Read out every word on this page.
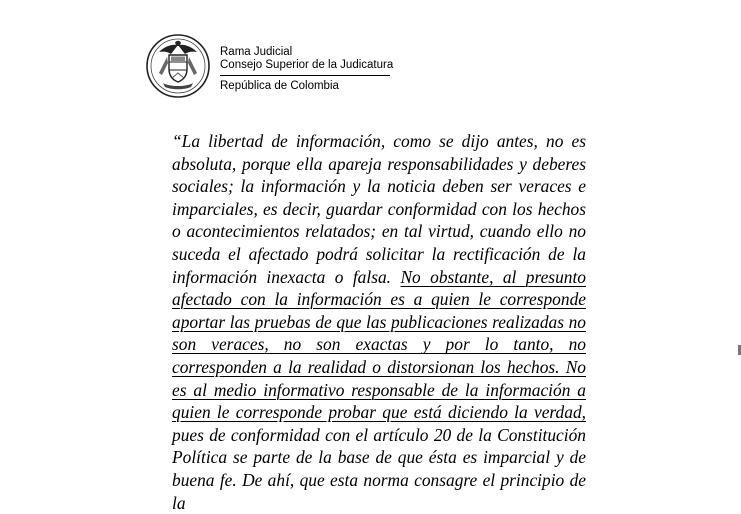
Rama Judicial
Consejo Superior de la Judicatura
República de Colombia

“La libertad de información, como se dijo antes, no es absoluta, porque ella apareja responsabilidades y deberes sociales; la información y la noticia deben ser veraces e imparciales, es decir, guardar conformidad con los hechos o acontecimientos relatados; en tal virtud, cuando ello no suceda el afectado podrá solicitar la rectificación de la información inexacta o falsa. No obstante, al presunto afectado con la información es a quien le corresponde aportar las pruebas de que las publicaciones realizadas no son veraces, no son exactas y por lo tanto, no corresponden a la realidad o distorsionan los hechos. No es al medio informativo responsable de la información a quien le corresponde probar que está diciendo la verdad, pues de conformidad con el artículo 20 de la Constitución Política se parte de la base de que ésta es imparcial y de buena fe. De ahí, que esta norma consagre el principio de la
